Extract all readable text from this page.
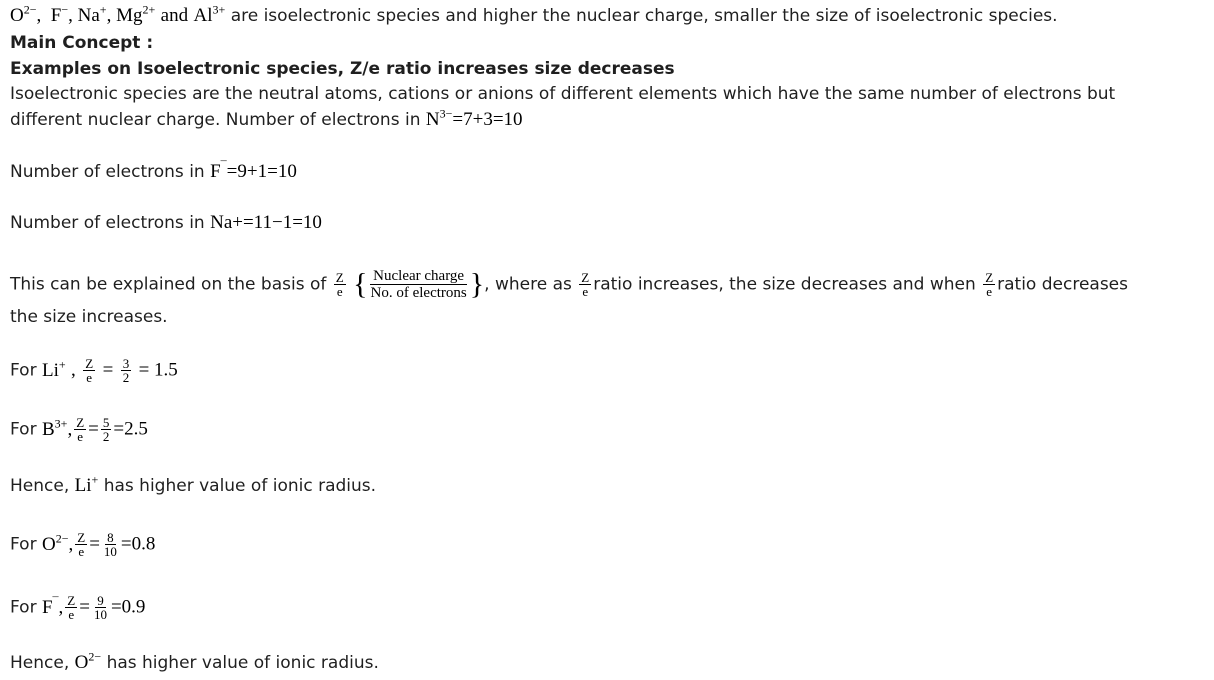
$O^{2-}$,  F−, Na+, $Mg^{2+}$ and $Al^{3+}$ are isoelectronic species and higher the nuclear charge, smaller the size of isoelectronic species.
Main Concept :
Examples on Isoelectronic species, Z/e ratio increases size decreases
Isoelectronic species are the neutral atoms, cations or anions of different elements which have the same number of electrons but
different nuclear charge. Number of electrons in $N^{3-}=7+3=10$
Number of electrons in F¯=9+1=10
Number of electrons in Na+=11−1=10
This can be explained on the basis of $\frac{Z}{e}$ { $\frac{\text{Nuclear charge}}{\text{No. of electrons}}$ }, where as $\frac{Z}{e}$ ratio increases, the size decreases and when $\frac{Z}{e}$ ratio decreases
the size increases.
For Li+ , $\frac{Z}{e} = \frac{3}{2} = 1.5$
For $B^{3+}$, $\frac{Z}{e} = \frac{5}{2} =2.5$
Hence, Li+ has higher value of ionic radius.
For $O^{2-}$, $\frac{Z}{e} = \frac{8}{10} =0.8$
For F¯, $\frac{Z}{e} = \frac{9}{10} =0.9$
Hence, $O^{2-}$ has higher value of ionic radius.
